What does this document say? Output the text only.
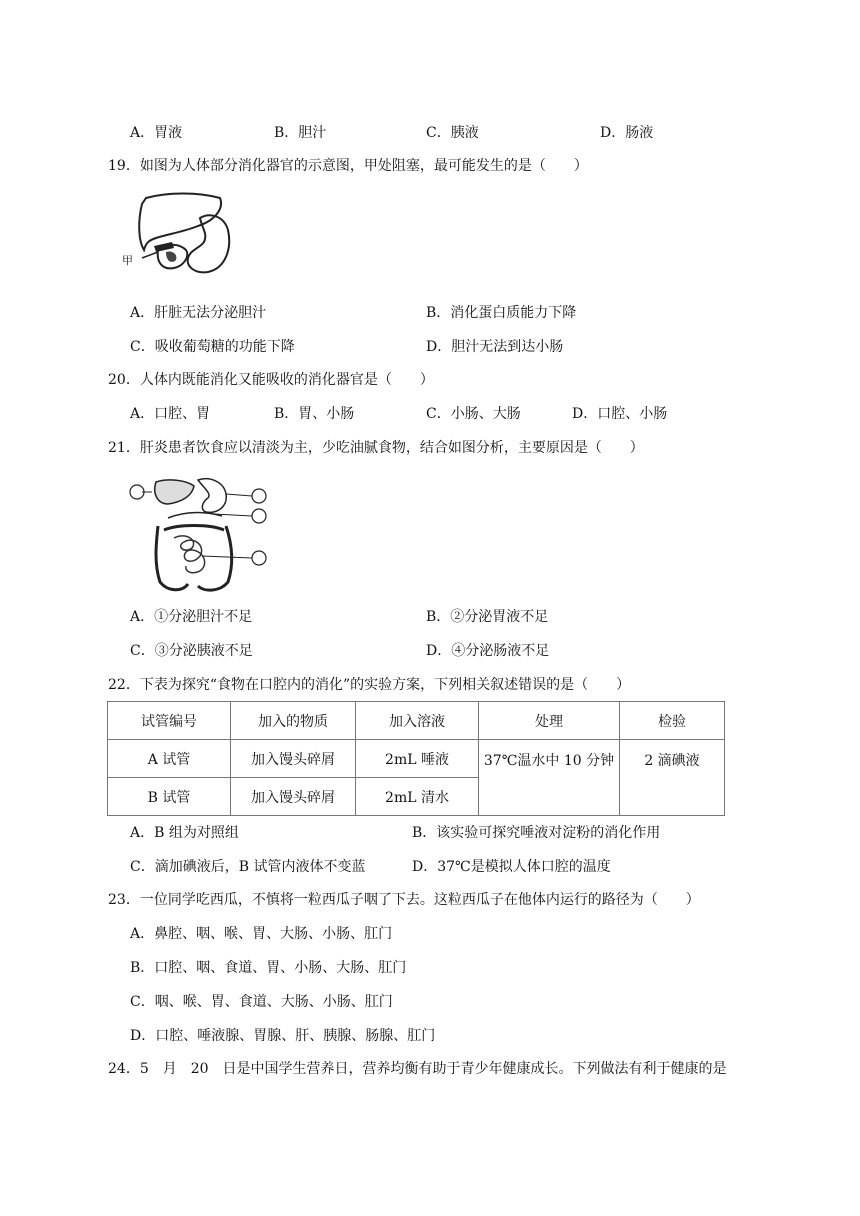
A．胃液	B．胆汁	C．胰液	D．肠液
19．如图为人体部分消化器官的示意图，甲处阻塞，最可能发生的是（　　）
甲
A．肝脏无法分泌胆汁	B．消化蛋白质能力下降
C．吸收葡萄糖的功能下降	D．胆汁无法到达小肠
20．人体内既能消化又能吸收的消化器官是（　　）
A．口腔、胃	B．胃、小肠	C．小肠、大肠	D．口腔、小肠
21．肝炎患者饮食应以清淡为主，少吃油腻食物，结合如图分析，主要原因是（　　）
A．①分泌胆汁不足	B．②分泌胃液不足
C．③分泌胰液不足	D．④分泌肠液不足
22．下表为探究“食物在口腔内的消化”的实验方案，下列相关叙述错误的是（　　）
试管编号	加入的物质	加入溶液	处理	检验
A 试管	加入馒头碎屑	2mL 唾液	37℃温水中 10 分钟	2 滴碘液
B 试管	加入馒头碎屑	2mL 清水		
A．B 组为对照组	B．该实验可探究唾液对淀粉的消化作用
C．滴加碘液后，B 试管内液体不变蓝	D．37℃是模拟人体口腔的温度
23．一位同学吃西瓜，不慎将一粒西瓜子咽了下去。这粒西瓜子在他体内运行的路径为（　　）
A．鼻腔、咽、喉、胃、大肠、小肠、肛门
B．口腔、咽、食道、胃、小肠、大肠、肛门
C．咽、喉、胃、食道、大肠、小肠、肛门
D．口腔、唾液腺、胃腺、肝、胰腺、肠腺、肛门
24．5　月　20　日是中国学生营养日，营养均衡有助于青少年健康成长。下列做法有利于健康的是
